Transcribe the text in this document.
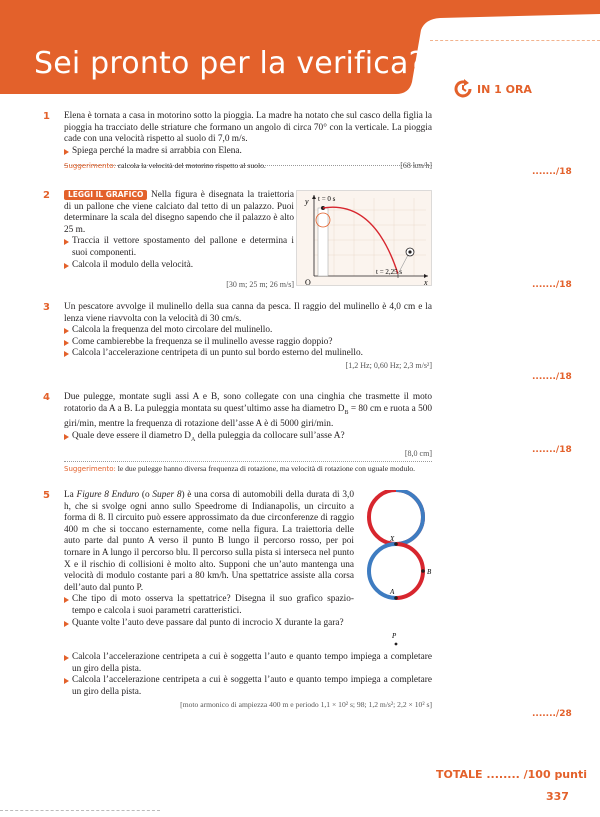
Sei pronto per la verifica?
IN 1 ORA
1 Elena è tornata a casa in motorino sotto la pioggia. La madre ha notato che sul casco della figlia la pioggia ha tracciato delle striature che formano un angolo di circa 70° con la verticale. La pioggia cade con una velocità rispetto al suolo di 7,0 m/s.

Spiega perché la madre si arrabbia con Elena.
Suggerimento: calcola la velocità del motorino rispetto al suolo.	[68 km/h]
......./18
2	LEGGI IL GRAFICO Nella figura è disegnata la traiettoria di un pallone che viene calciato dal tetto di un palazzo. Puoi determinare la scala del disegno sapendo che il palazzo è alto 25 m.

Traccia il vettore spostamento del pallone e determina i suoi componenti.
Calcola il modulo della velocità.
[30 m; 25 m; 26 m/s]	......./18
y
x
O
t = 0 s
t = 2,25 s
3 Un pescatore avvolge il mulinello della sua canna da pesca. Il raggio del mulinello è 4,0 cm e la lenza viene riavvolta con la velocità di 30 cm/s.

Calcola la frequenza del moto circolare del mulinello.
Come cambierebbe la frequenza se il mulinello avesse raggio doppio?
Calcola l’accelerazione centripeta di un punto sul bordo esterno del mulinello.
[1,2 Hz; 0,60 Hz; 2,3 m/s²]
......./18
4 Due pulegge, montate sugli assi A e B, sono collegate con una cinghia che trasmette il moto rotatorio da A a B. La puleggia montata su quest’ultimo asse ha diametro $D_B = 80$ cm e ruota a 500 giri/min, mentre la frequenza di rotazione dell’asse A è di 5000 giri/min.

Quale deve essere il diametro $D_A$ della puleggia da collocare sull’asse A?
[8,0 cm]
Suggerimento: le due pulegge hanno diversa frequenza di rotazione, ma velocità di rotazione con uguale modulo.
......./18
5 La Figure 8 Enduro (o Super 8) è una corsa di automobili della durata di 3,0 h, che si svolge ogni anno sullo Speedrome di Indianapolis, un circuito a forma di 8. Il circuito può essere approssimato da due circonferenze di raggio 400 m che si toccano esternamente, come nella figura. La traiettoria delle auto parte dal punto A verso il punto B lungo il percorso rosso, per poi tornare in A lungo il percorso blu. Il percorso sulla pista si interseca nel punto X e il rischio di collisioni è molto alto. Supponi che un’auto mantenga una velocità di modulo costante pari a 80 km/h. Una spettatrice assiste alla corsa dell’auto dal punto P.

Che tipo di moto osserva la spettatrice? Disegna il suo grafico spazio-tempo e calcola i suoi parametri caratteristici.
Quante volte l’auto deve passare dal punto di incrocio X durante la gara?
Calcola l’accelerazione centripeta a cui è soggetta l’auto e quanto tempo impiega a completare un giro della pista.
Calcola l’accelerazione centripeta a cui è soggetta l’auto e quanto tempo impiega a completare un giro della pista.
[moto armonico di ampiezza 400 m e periodo 1,1 × 10² s; 98; 1,2 m/s²; 2,2 × 10² s]
......./28
X
A
B
P
TOTALE ........ /100 punti
337
